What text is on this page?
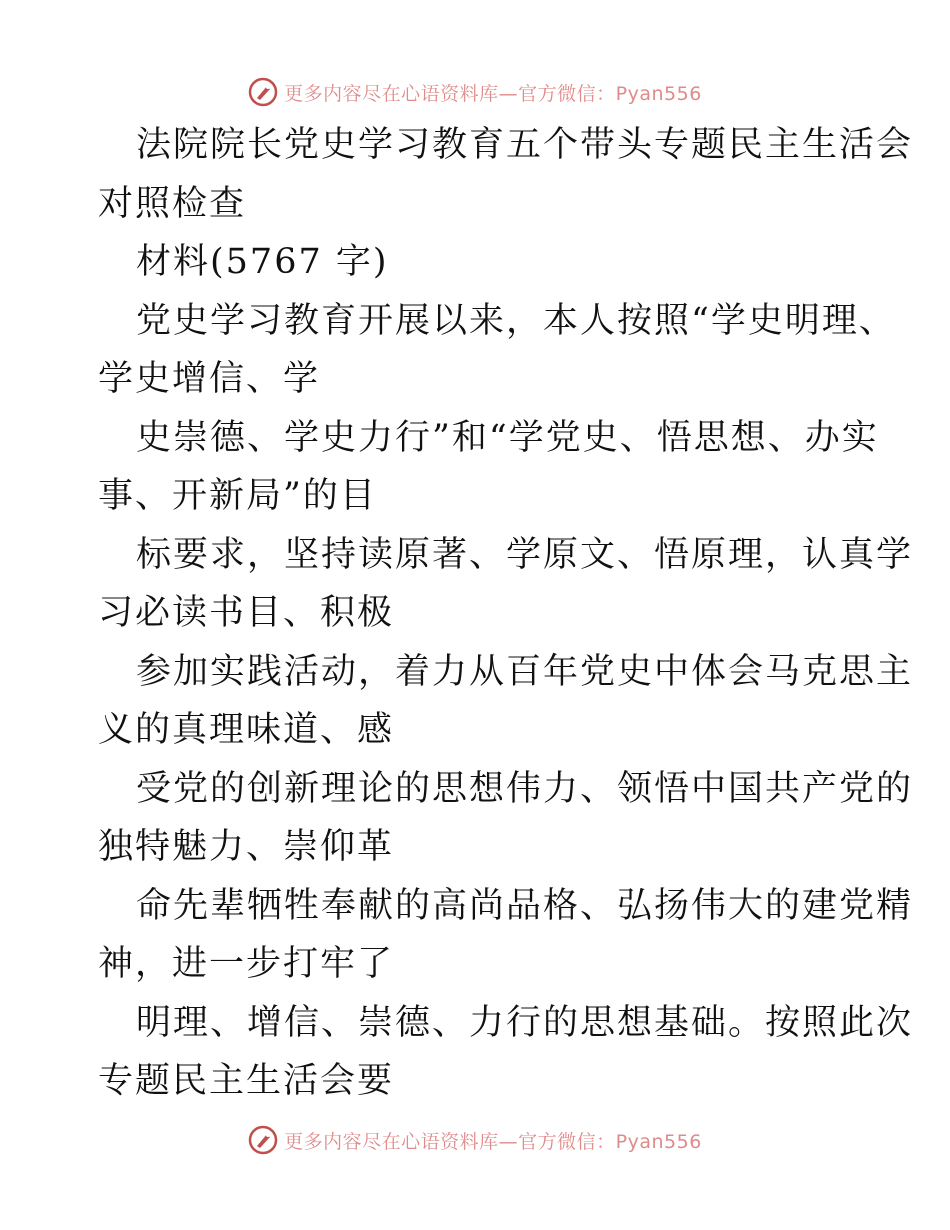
更多内容尽在心语资料库—官方微信：Pyan556
法院院长党史学习教育五个带头专题民主生活会
对照检查
材料(5767 字)
党史学习教育开展以来，本人按照“学史明理、
学史增信、学
史崇德、学史力行”和“学党史、悟思想、办实
事、开新局”的目
标要求，坚持读原著、学原文、悟原理，认真学
习必读书目、积极
参加实践活动，着力从百年党史中体会马克思主
义的真理味道、感
受党的创新理论的思想伟力、领悟中国共产党的
独特魅力、崇仰革
命先辈牺牲奉献的高尚品格、弘扬伟大的建党精
神，进一步打牢了
明理、增信、崇德、力行的思想基础。按照此次
专题民主生活会要
更多内容尽在心语资料库—官方微信：Pyan556
